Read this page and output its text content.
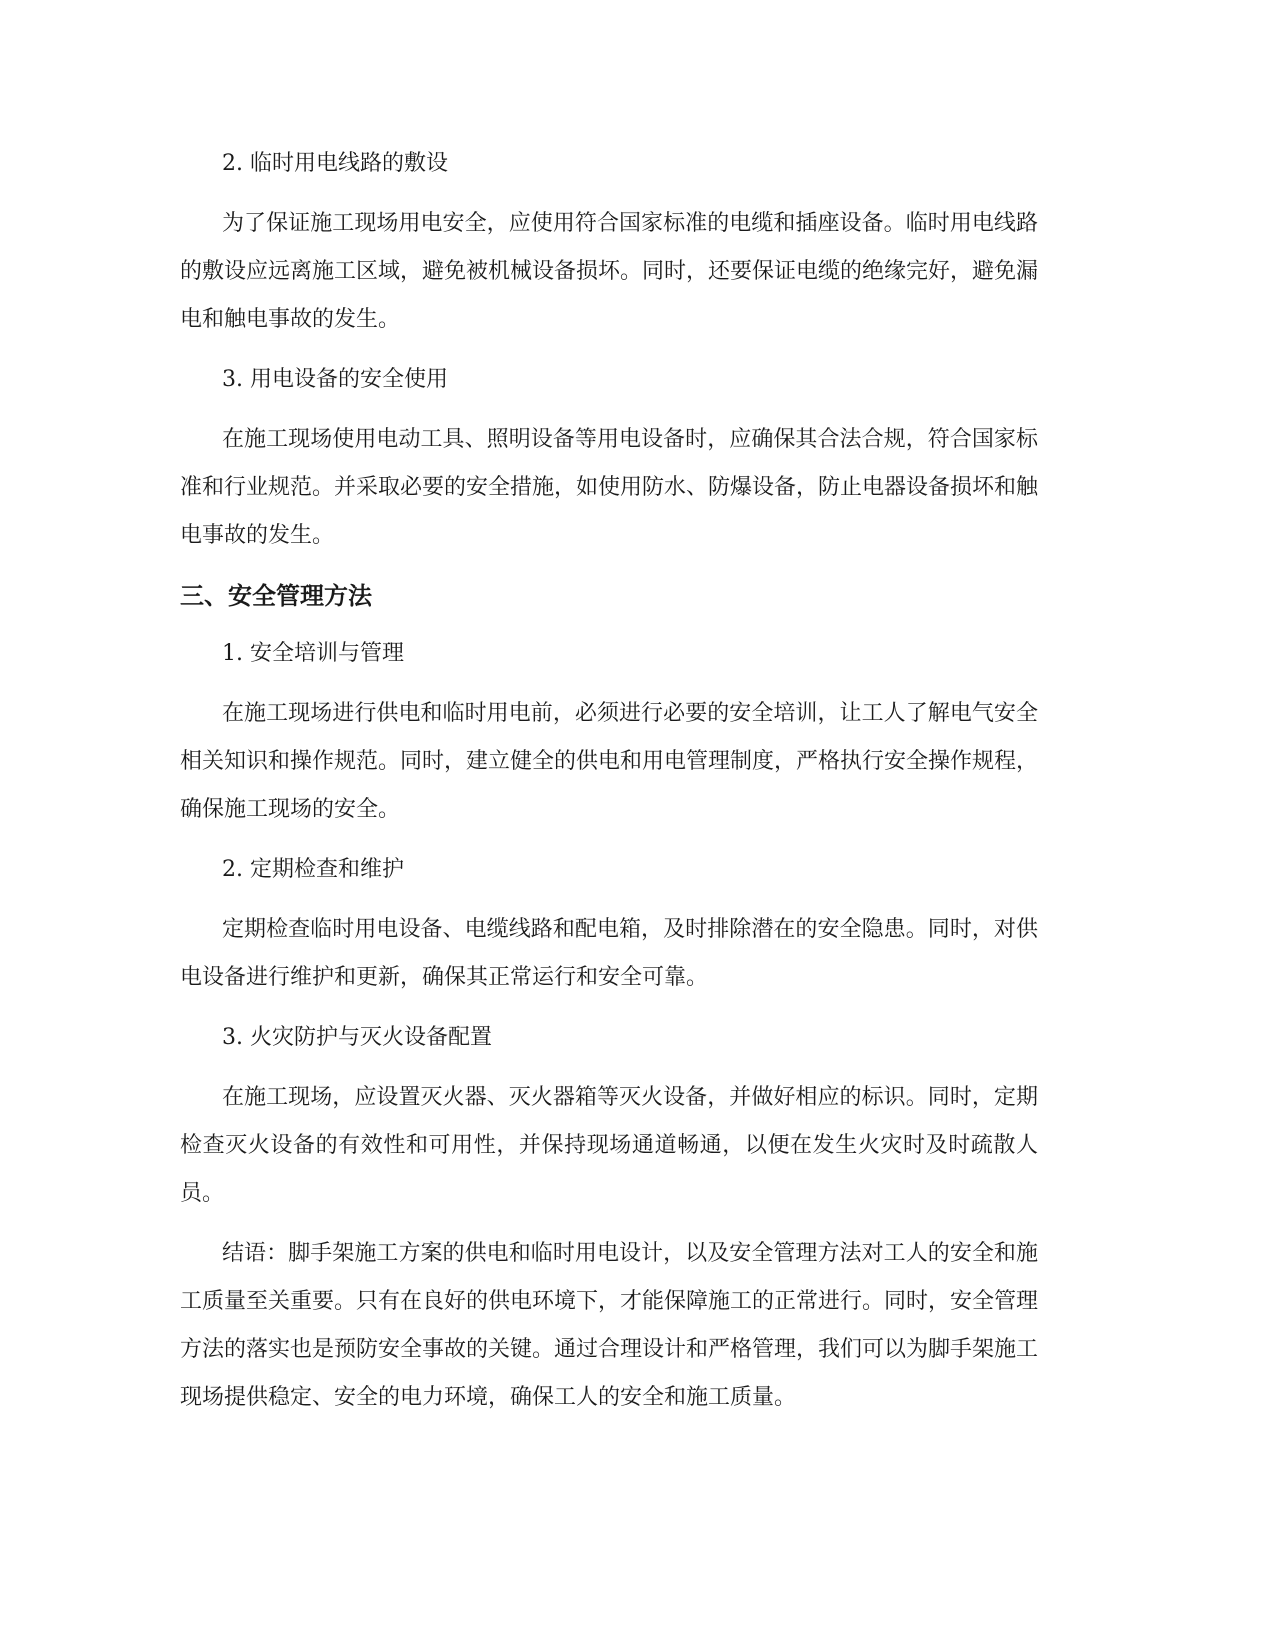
2. 临时用电线路的敷设

为了保证施工现场用电安全，应使用符合国家标准的电缆和插座设备。临时用电线路的敷设应远离施工区域，避免被机械设备损坏。同时，还要保证电缆的绝缘完好，避免漏电和触电事故的发生。

3. 用电设备的安全使用

在施工现场使用电动工具、照明设备等用电设备时，应确保其合法合规，符合国家标准和行业规范。并采取必要的安全措施，如使用防水、防爆设备，防止电器设备损坏和触电事故的发生。

三、安全管理方法

1. 安全培训与管理

在施工现场进行供电和临时用电前，必须进行必要的安全培训，让工人了解电气安全相关知识和操作规范。同时，建立健全的供电和用电管理制度，严格执行安全操作规程，确保施工现场的安全。

2. 定期检查和维护

定期检查临时用电设备、电缆线路和配电箱，及时排除潜在的安全隐患。同时，对供电设备进行维护和更新，确保其正常运行和安全可靠。

3. 火灾防护与灭火设备配置

在施工现场，应设置灭火器、灭火器箱等灭火设备，并做好相应的标识。同时，定期检查灭火设备的有效性和可用性，并保持现场通道畅通，以便在发生火灾时及时疏散人员。

结语：脚手架施工方案的供电和临时用电设计，以及安全管理方法对工人的安全和施工质量至关重要。只有在良好的供电环境下，才能保障施工的正常进行。同时，安全管理方法的落实也是预防安全事故的关键。通过合理设计和严格管理，我们可以为脚手架施工现场提供稳定、安全的电力环境，确保工人的安全和施工质量。
